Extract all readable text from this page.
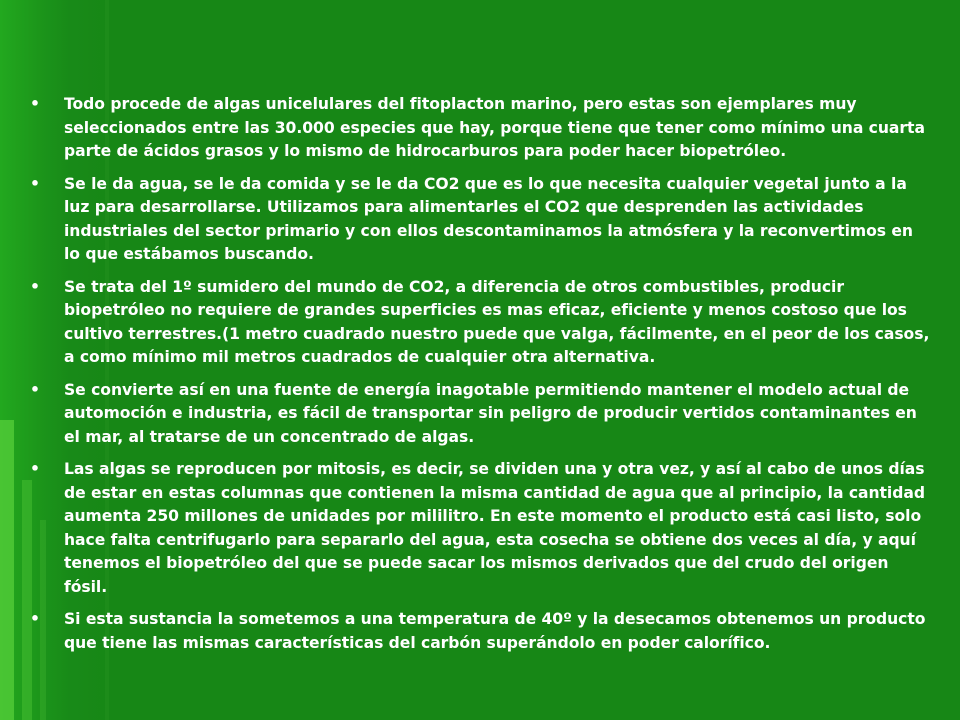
•	Todo procede de algas unicelulares del fitoplacton marino, pero estas son ejemplares muy seleccionados entre las 30.000 especies que hay, porque tiene que tener como mínimo una cuarta parte de ácidos grasos y lo mismo de hidrocarburos para poder hacer biopetróleo.
•	Se le da agua, se le da comida y se le da CO2 que es lo que necesita cualquier vegetal junto a la luz para desarrollarse. Utilizamos para alimentarles el CO2 que desprenden las actividades industriales del sector primario y con ellos descontaminamos la atmósfera y la reconvertimos en lo que estábamos buscando.
•	Se trata del 1º sumidero del mundo de CO2, a diferencia de otros combustibles, producir biopetróleo no requiere de grandes superficies es mas eficaz, eficiente y menos costoso que los cultivo terrestres.(1 metro cuadrado nuestro puede que valga, fácilmente, en el peor de los casos, a como mínimo mil metros cuadrados de cualquier otra alternativa.
•	Se convierte así en una fuente de energía inagotable permitiendo mantener el modelo actual de automoción e industria, es fácil de transportar sin peligro de producir vertidos contaminantes en el mar, al tratarse de un concentrado de algas.
•	Las algas se reproducen por mitosis, es decir, se dividen una y otra vez, y así al cabo de unos días de estar en estas columnas que contienen la misma cantidad de agua que al principio, la cantidad aumenta 250 millones de unidades por mililitro. En este momento el producto está casi listo, solo hace falta centrifugarlo para separarlo del agua, esta cosecha se obtiene dos veces al día, y aquí tenemos el biopetróleo del que se puede sacar los mismos derivados que del crudo del origen fósil.
•	Si esta sustancia la sometemos a una temperatura de 40º y la desecamos obtenemos un producto que tiene las mismas características del carbón superándolo en poder calorífico.
